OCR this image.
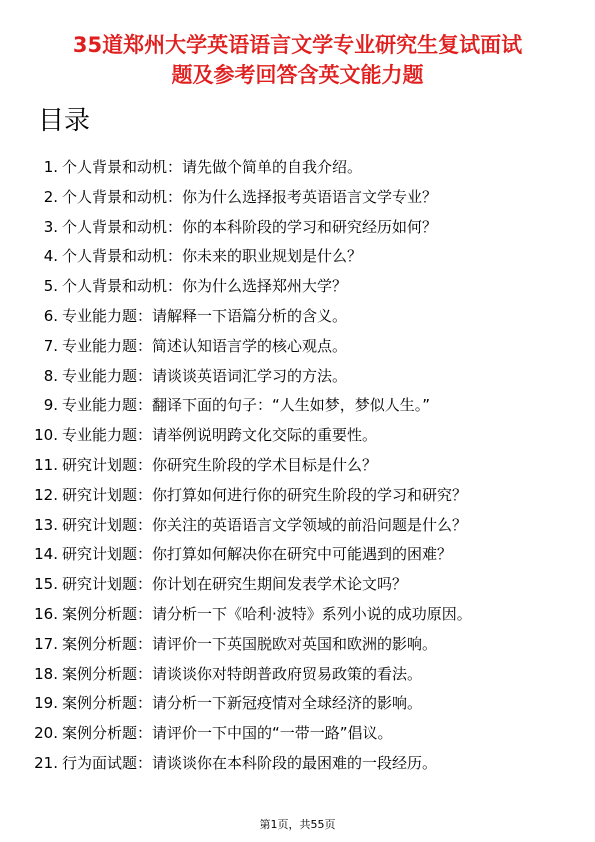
35道郑州大学英语语言文学专业研究生复试面试
题及参考回答含英文能力题
目录
1. 个人背景和动机：请先做个简单的自我介绍。
2. 个人背景和动机：你为什么选择报考英语语言文学专业？
3. 个人背景和动机：你的本科阶段的学习和研究经历如何？
4. 个人背景和动机：你未来的职业规划是什么？
5. 个人背景和动机：你为什么选择郑州大学？
6. 专业能力题：请解释一下语篇分析的含义。
7. 专业能力题：简述认知语言学的核心观点。
8. 专业能力题：请谈谈英语词汇学习的方法。
9. 专业能力题：翻译下面的句子：“人生如梦，梦似人生。”
10. 专业能力题：请举例说明跨文化交际的重要性。
11. 研究计划题：你研究生阶段的学术目标是什么？
12. 研究计划题：你打算如何进行你的研究生阶段的学习和研究？
13. 研究计划题：你关注的英语语言文学领域的前沿问题是什么？
14. 研究计划题：你打算如何解决你在研究中可能遇到的困难？
15. 研究计划题：你计划在研究生期间发表学术论文吗？
16. 案例分析题：请分析一下《哈利·波特》系列小说的成功原因。
17. 案例分析题：请评价一下英国脱欧对英国和欧洲的影响。
18. 案例分析题：请谈谈你对特朗普政府贸易政策的看法。
19. 案例分析题：请分析一下新冠疫情对全球经济的影响。
20. 案例分析题：请评价一下中国的“一带一路”倡议。
21. 行为面试题：请谈谈你在本科阶段的最困难的一段经历。
第1页，共55页
